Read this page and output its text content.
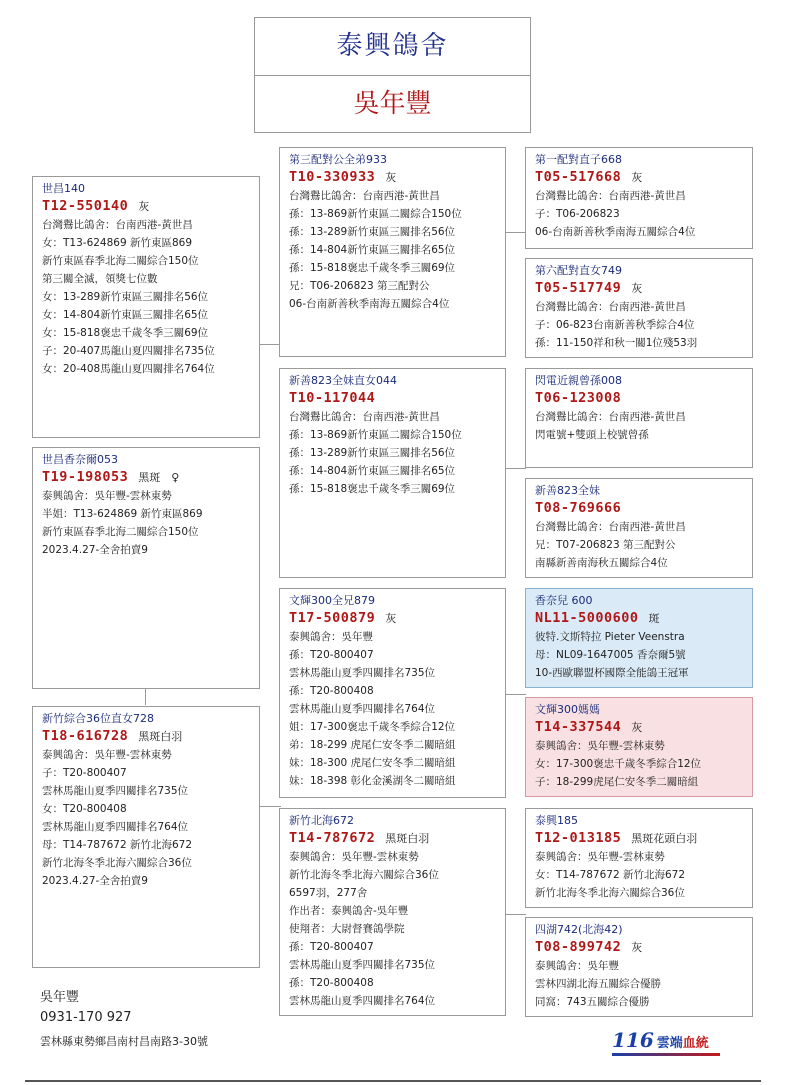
泰興鴿舍
吳年豐
世昌140
T12-550140 灰
台灣鸒比鴿舍：台南西港-黃世昌
女：T13-624869 新竹東區869
新竹東區春季北海二關綜合150位
第三關全滅，領獎七位數
女：13-289新竹東區三關排名56位
女：14-804新竹東區三關排名65位
女：15-818褒忠千歲冬季三關69位
子：20-407馬龍山夏四關排名735位
女：20-408馬龍山夏四關排名764位
世昌香奈爾053
T19-198053 黑斑　♀
泰興鴿舍：吳年豐-雲林東勢
半姐：T13-624869 新竹東區869
新竹東區春季北海二關綜合150位
2023.4.27-全舍拍賣9
新竹綜合36位直女728
T18-616728 黑斑白羽
泰興鴿舍：吳年豐-雲林東勢
子：T20-800407
雲林馬龍山夏季四關排名735位
女：T20-800408
雲林馬龍山夏季四關排名764位
母：T14-787672 新竹北海672
新竹北海冬季北海六關綜合36位
2023.4.27-全舍拍賣9
第三配對公全弟933
T10-330933 灰
台灣鸒比鴿舍：台南西港-黃世昌
孫：13-869新竹東區二關綜合150位
孫：13-289新竹東區三關排名56位
孫：14-804新竹東區三關排名65位
孫：15-818褒忠千歲冬季三關69位
兄：T06-206823 第三配對公
06-台南新善秋季南海五關綜合4位
新善823全妹直女044
T10-117044
台灣鸒比鴿舍：台南西港-黃世昌
孫：13-869新竹東區二關綜合150位
孫：13-289新竹東區三關排名56位
孫：14-804新竹東區三關排名65位
孫：15-818褒忠千歲冬季三關69位
文輝300全兄879
T17-500879 灰
泰興鴿舍：吳年豐
孫：T20-800407
雲林馬龍山夏季四關排名735位
孫：T20-800408
雲林馬龍山夏季四關排名764位
姐：17-300褒忠千歲冬季綜合12位
弟：18-299 虎尾仁安冬季二關暗組
妹：18-300 虎尾仁安冬季二關暗組
妹：18-398 彰化金溪湖冬二關暗組
新竹北海672
T14-787672 黑斑白羽
泰興鴿舍：吳年豐-雲林東勢
新竹北海冬季北海六關綜合36位
6597羽，277舍
作出者：泰興鴿舍-吳年豐
使翔者：大尉督賽鴿學院
孫：T20-800407
雲林馬龍山夏季四關排名735位
孫：T20-800408
雲林馬龍山夏季四關排名764位
第一配對直子668
T05-517668 灰
台灣鸒比鴿舍：台南西港-黃世昌
子：T06-206823
06-台南新善秋季南海五關綜合4位
第六配對直女749
T05-517749 灰
台灣鸒比鴿舍：台南西港-黃世昌
子：06-823台南新善秋季綜合4位
孫：11-150祥和秋一關1位殘53羽
閃電近親曾孫008
T06-123008
台灣鸒比鴿舍：台南西港-黃世昌
閃電號+雙頭上校號曾孫
新善823全妹
T08-769666
台灣鸒比鴿舍：台南西港-黃世昌
兄：T07-206823 第三配對公
南縣新善南海秋五關綜合4位
香奈兒 600
NL11-5000600 斑
彼特.文斯特拉 Pieter Veenstra
母：NL09-1647005 香奈爾5號
10-西歐聯盟杯國際全能鴿王冠軍
文輝300媽媽
T14-337544 灰
泰興鴿舍：吳年豐-雲林東勢
女：17-300褒忠千歲冬季綜合12位
子：18-299虎尾仁安冬季二關暗組
泰興185
T12-013185 黑斑花頭白羽
泰興鴿舍：吳年豐-雲林東勢
女：T14-787672 新竹北海672
新竹北海冬季北海六關綜合36位
四湖742(北海42)
T08-899742 灰
泰興鴿舍：吳年豐
雲林四湖北海五關綜合優勝
同窩：743五關綜合優勝
吳年豐
0931-170 927
雲林縣東勢鄉昌南村昌南路3-30號	116 雲端血統
